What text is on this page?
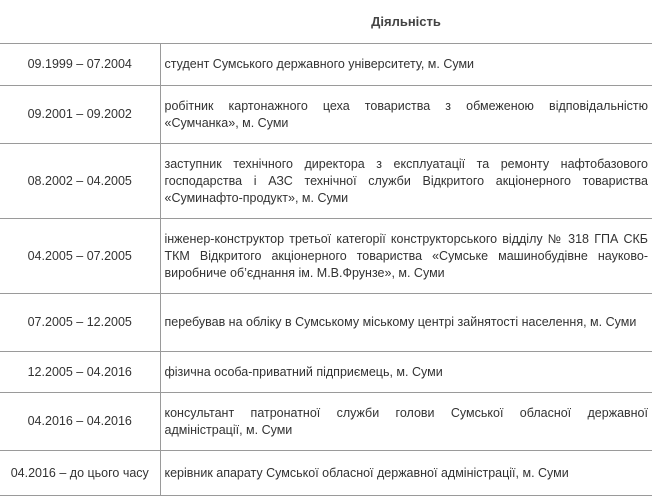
	Діяльність
09.1999 – 07.2004	студент Сумського державного університету, м. Суми
09.2001 – 09.2002	робітник картонажного цеха товариства з обмеженою відповідальністю «Сумчанка», м. Суми
08.2002 – 04.2005	заступник технічного директора з експлуатації та ремонту нафтобазового господарства і АЗС технічної служби Відкритого акціонерного товариства «Суминафто-продукт», м. Суми
04.2005 – 07.2005	інженер-конструктор третьої категорії конструкторського відділу № 318 ГПА СКБ ТКМ Відкритого акціонерного товариства «Сумське машинобудівне науково-виробниче об’єднання ім. М.В.Фрунзе», м. Суми
07.2005 – 12.2005	перебував на обліку в Сумському міському центрі зайнятості населення, м. Суми
12.2005 – 04.2016	фізична особа-приватний підприємець, м. Суми
04.2016 – 04.2016	консультант патронатної служби голови Сумської обласної державної адміністрації, м. Суми
04.2016 – до цього часу	керівник апарату Сумської обласної державної адміністрації, м. Суми
